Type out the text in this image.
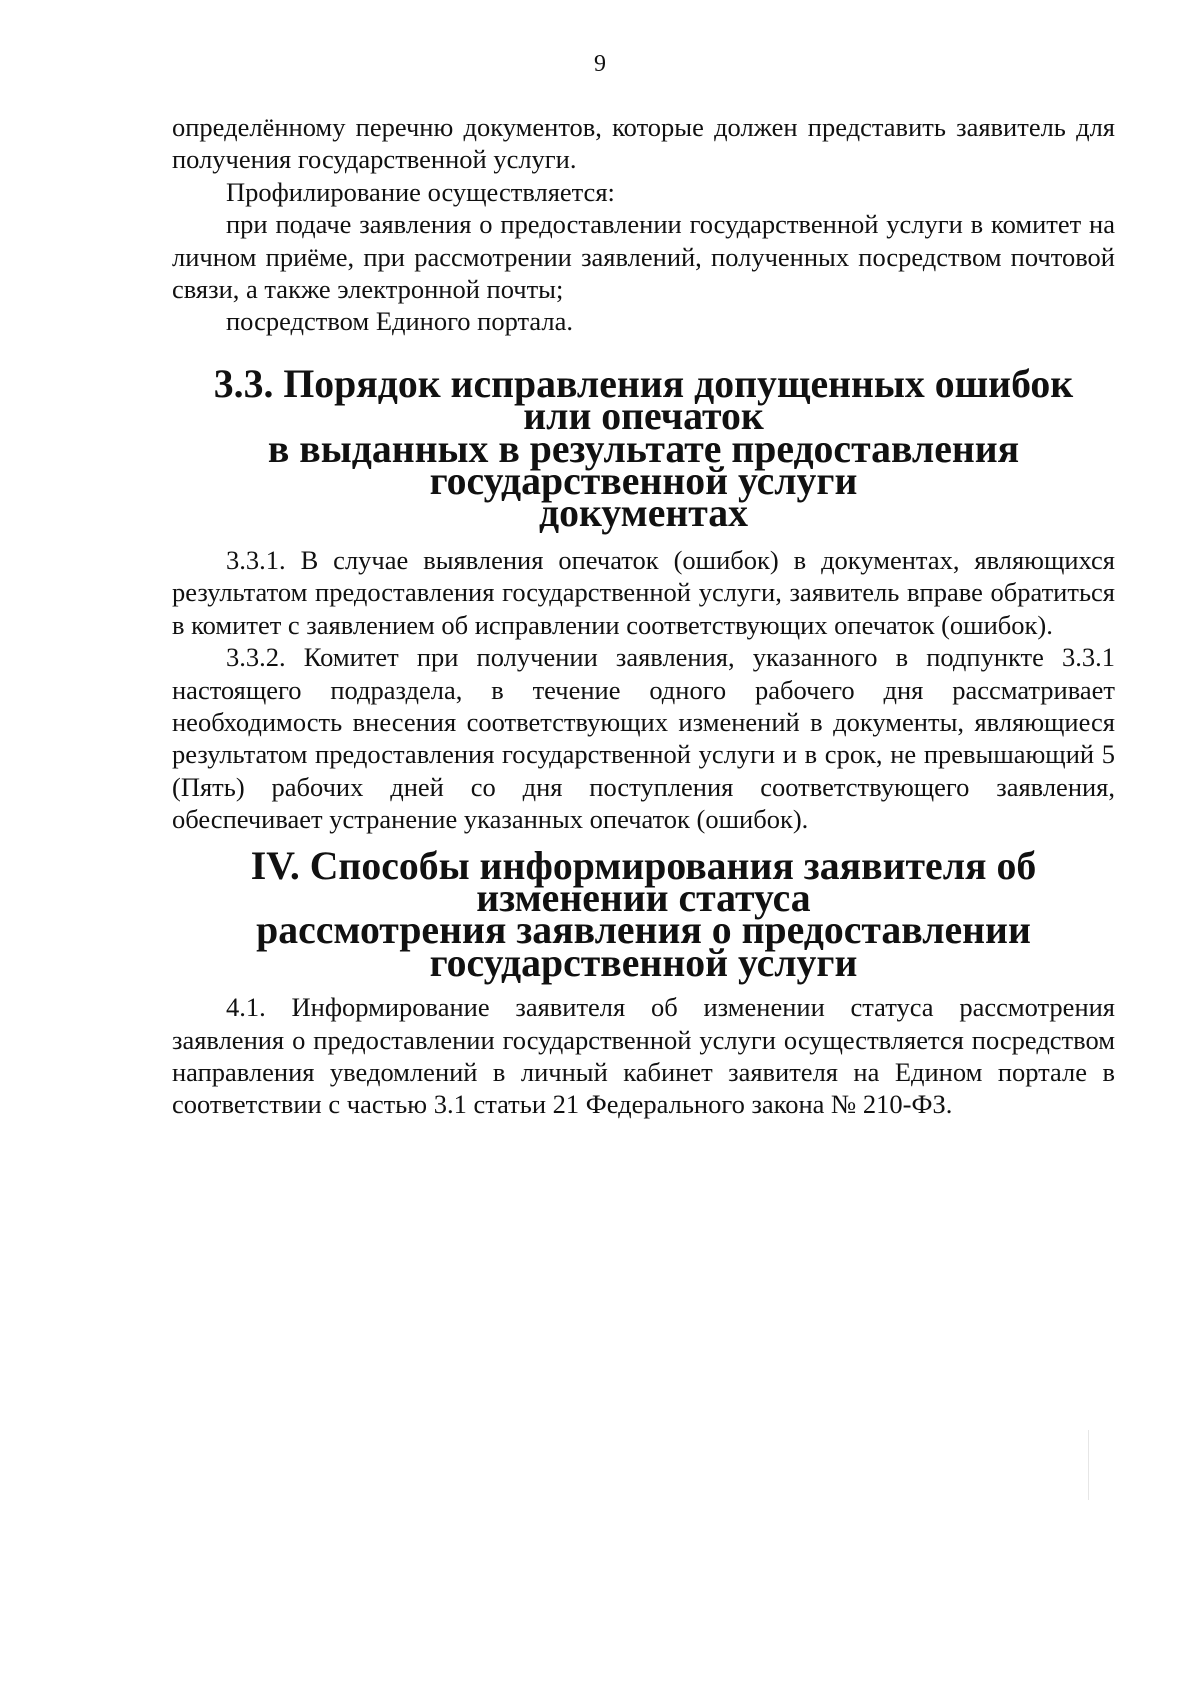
9

определённому перечню документов, которые должен представить заявитель для получения государственной услуги.

Профилирование осуществляется:

при подаче заявления о предоставлении государственной услуги в комитет на личном приёме, при рассмотрении заявлений, полученных посредством почтовой связи, а также электронной почты;

посредством Единого портала.

3.3. Порядок исправления допущенных ошибок или опечаток
в выданных в результате предоставления государственной услуги
документах

3.3.1. В случае выявления опечаток (ошибок) в документах, являющихся результатом предоставления государственной услуги, заявитель вправе обратиться в комитет с заявлением об исправлении соответствующих опечаток (ошибок).

3.3.2. Комитет при получении заявления, указанного в подпункте 3.3.1 настоящего подраздела, в течение одного рабочего дня рассматривает необходимость внесения соответствующих изменений в документы, являющиеся результатом предоставления государственной услуги и в срок, не превышающий 5 (Пять) рабочих дней со дня поступления соответствующего заявления, обеспечивает устранение указанных опечаток (ошибок).

IV. Способы информирования заявителя об изменении статуса
рассмотрения заявления о предоставлении государственной услуги

4.1. Информирование заявителя об изменении статуса рассмотрения заявления о предоставлении государственной услуги осуществляется посредством направления уведомлений в личный кабинет заявителя на Едином портале в соответствии с частью 3.1 статьи 21 Федерального закона № 210-ФЗ.
